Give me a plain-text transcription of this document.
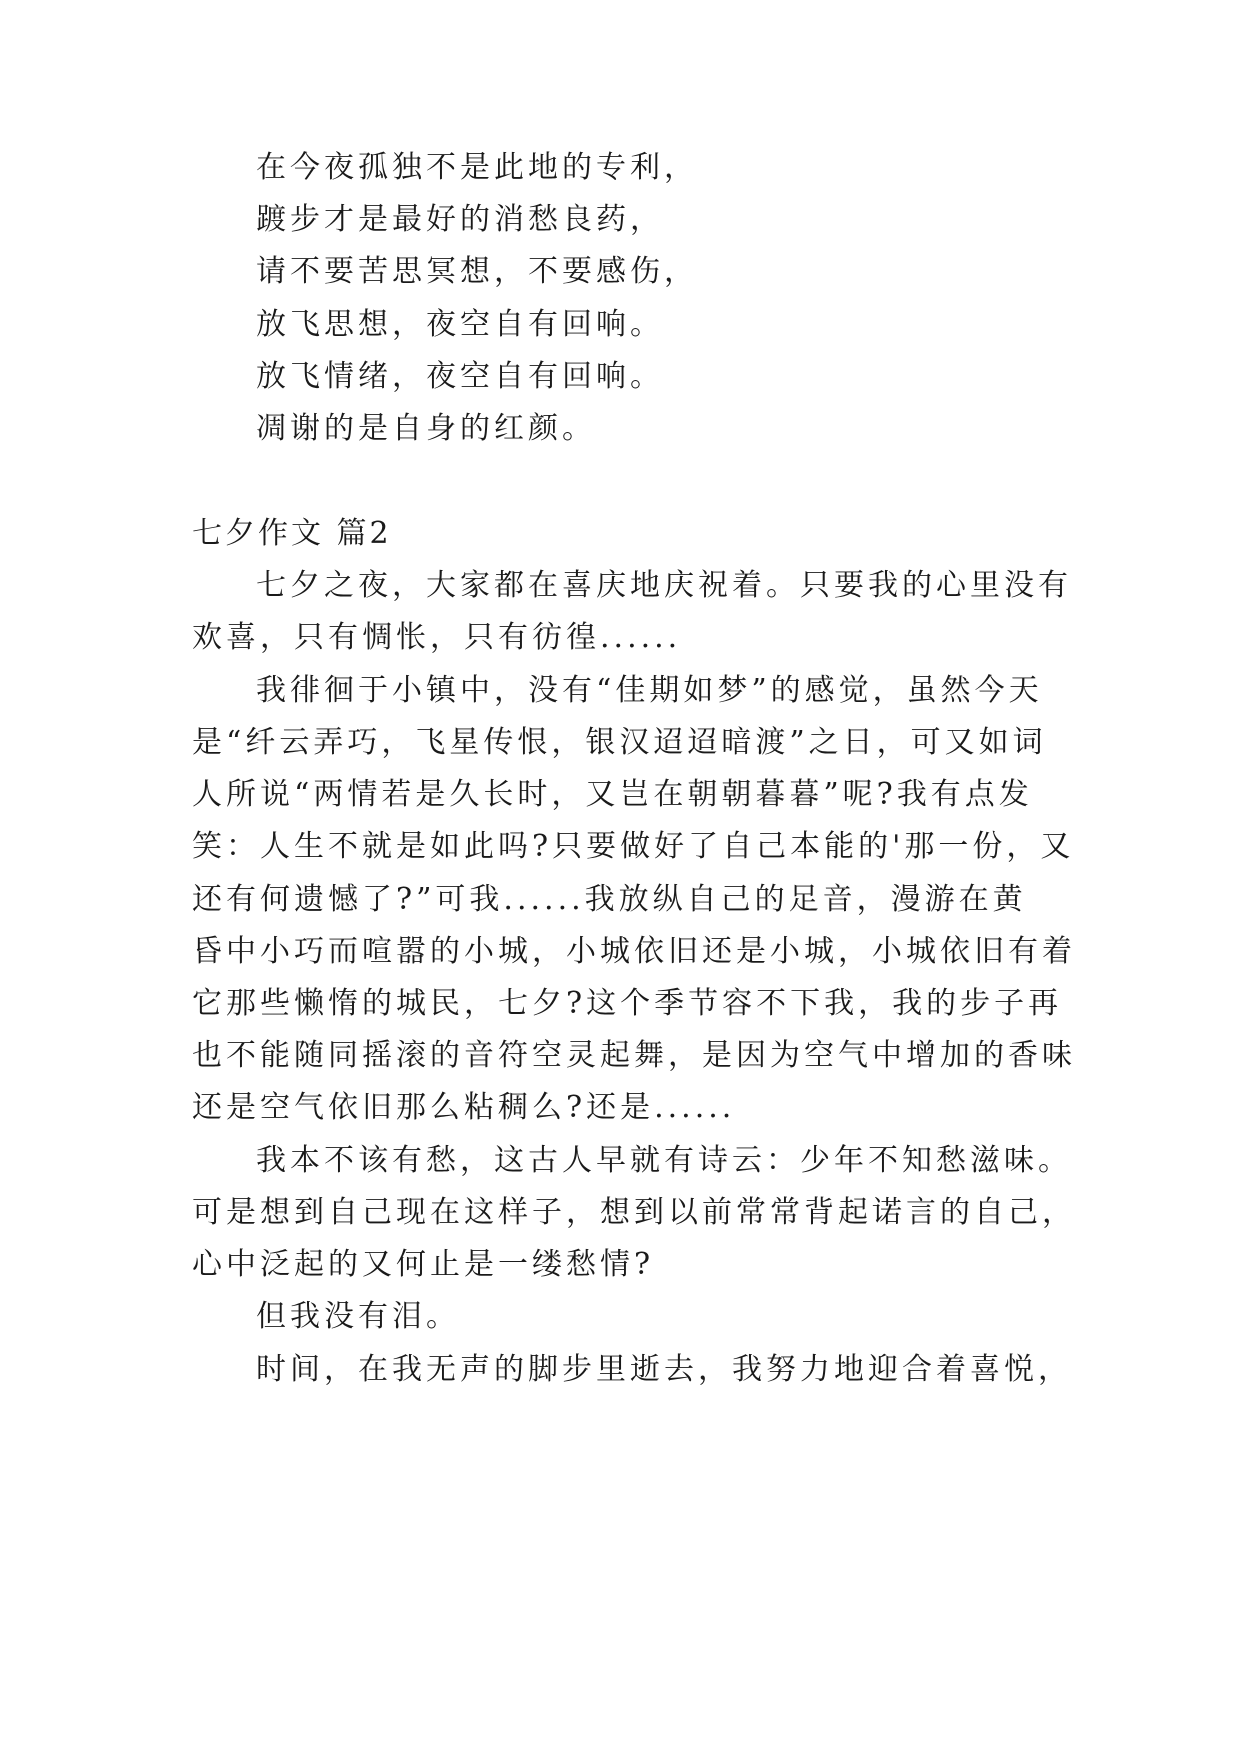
在今夜孤独不是此地的专利，
踱步才是最好的消愁良药，
请不要苦思冥想，不要感伤，
放飞思想，夜空自有回响。
放飞情绪，夜空自有回响。
凋谢的是自身的红颜。
七夕作文 篇2
七夕之夜，大家都在喜庆地庆祝着。只要我的心里没有
欢喜，只有惆怅，只有彷徨......
我徘徊于小镇中，没有“佳期如梦”的感觉，虽然今天
是“纤云弄巧，飞星传恨，银汉迢迢暗渡”之日，可又如词
人所说“两情若是久长时，又岂在朝朝暮暮”呢?我有点发
笑：人生不就是如此吗?只要做好了自己本能的'那一份，又
还有何遗憾了?”可我......我放纵自己的足音，漫游在黄
昏中小巧而喧嚣的小城，小城依旧还是小城，小城依旧有着
它那些懒惰的城民，七夕?这个季节容不下我，我的步子再
也不能随同摇滚的音符空灵起舞，是因为空气中增加的香味
还是空气依旧那么粘稠么?还是......
我本不该有愁，这古人早就有诗云：少年不知愁滋味。
可是想到自己现在这样子，想到以前常常背起诺言的自己，
心中泛起的又何止是一缕愁情?
但我没有泪。
时间，在我无声的脚步里逝去，我努力地迎合着喜悦，
